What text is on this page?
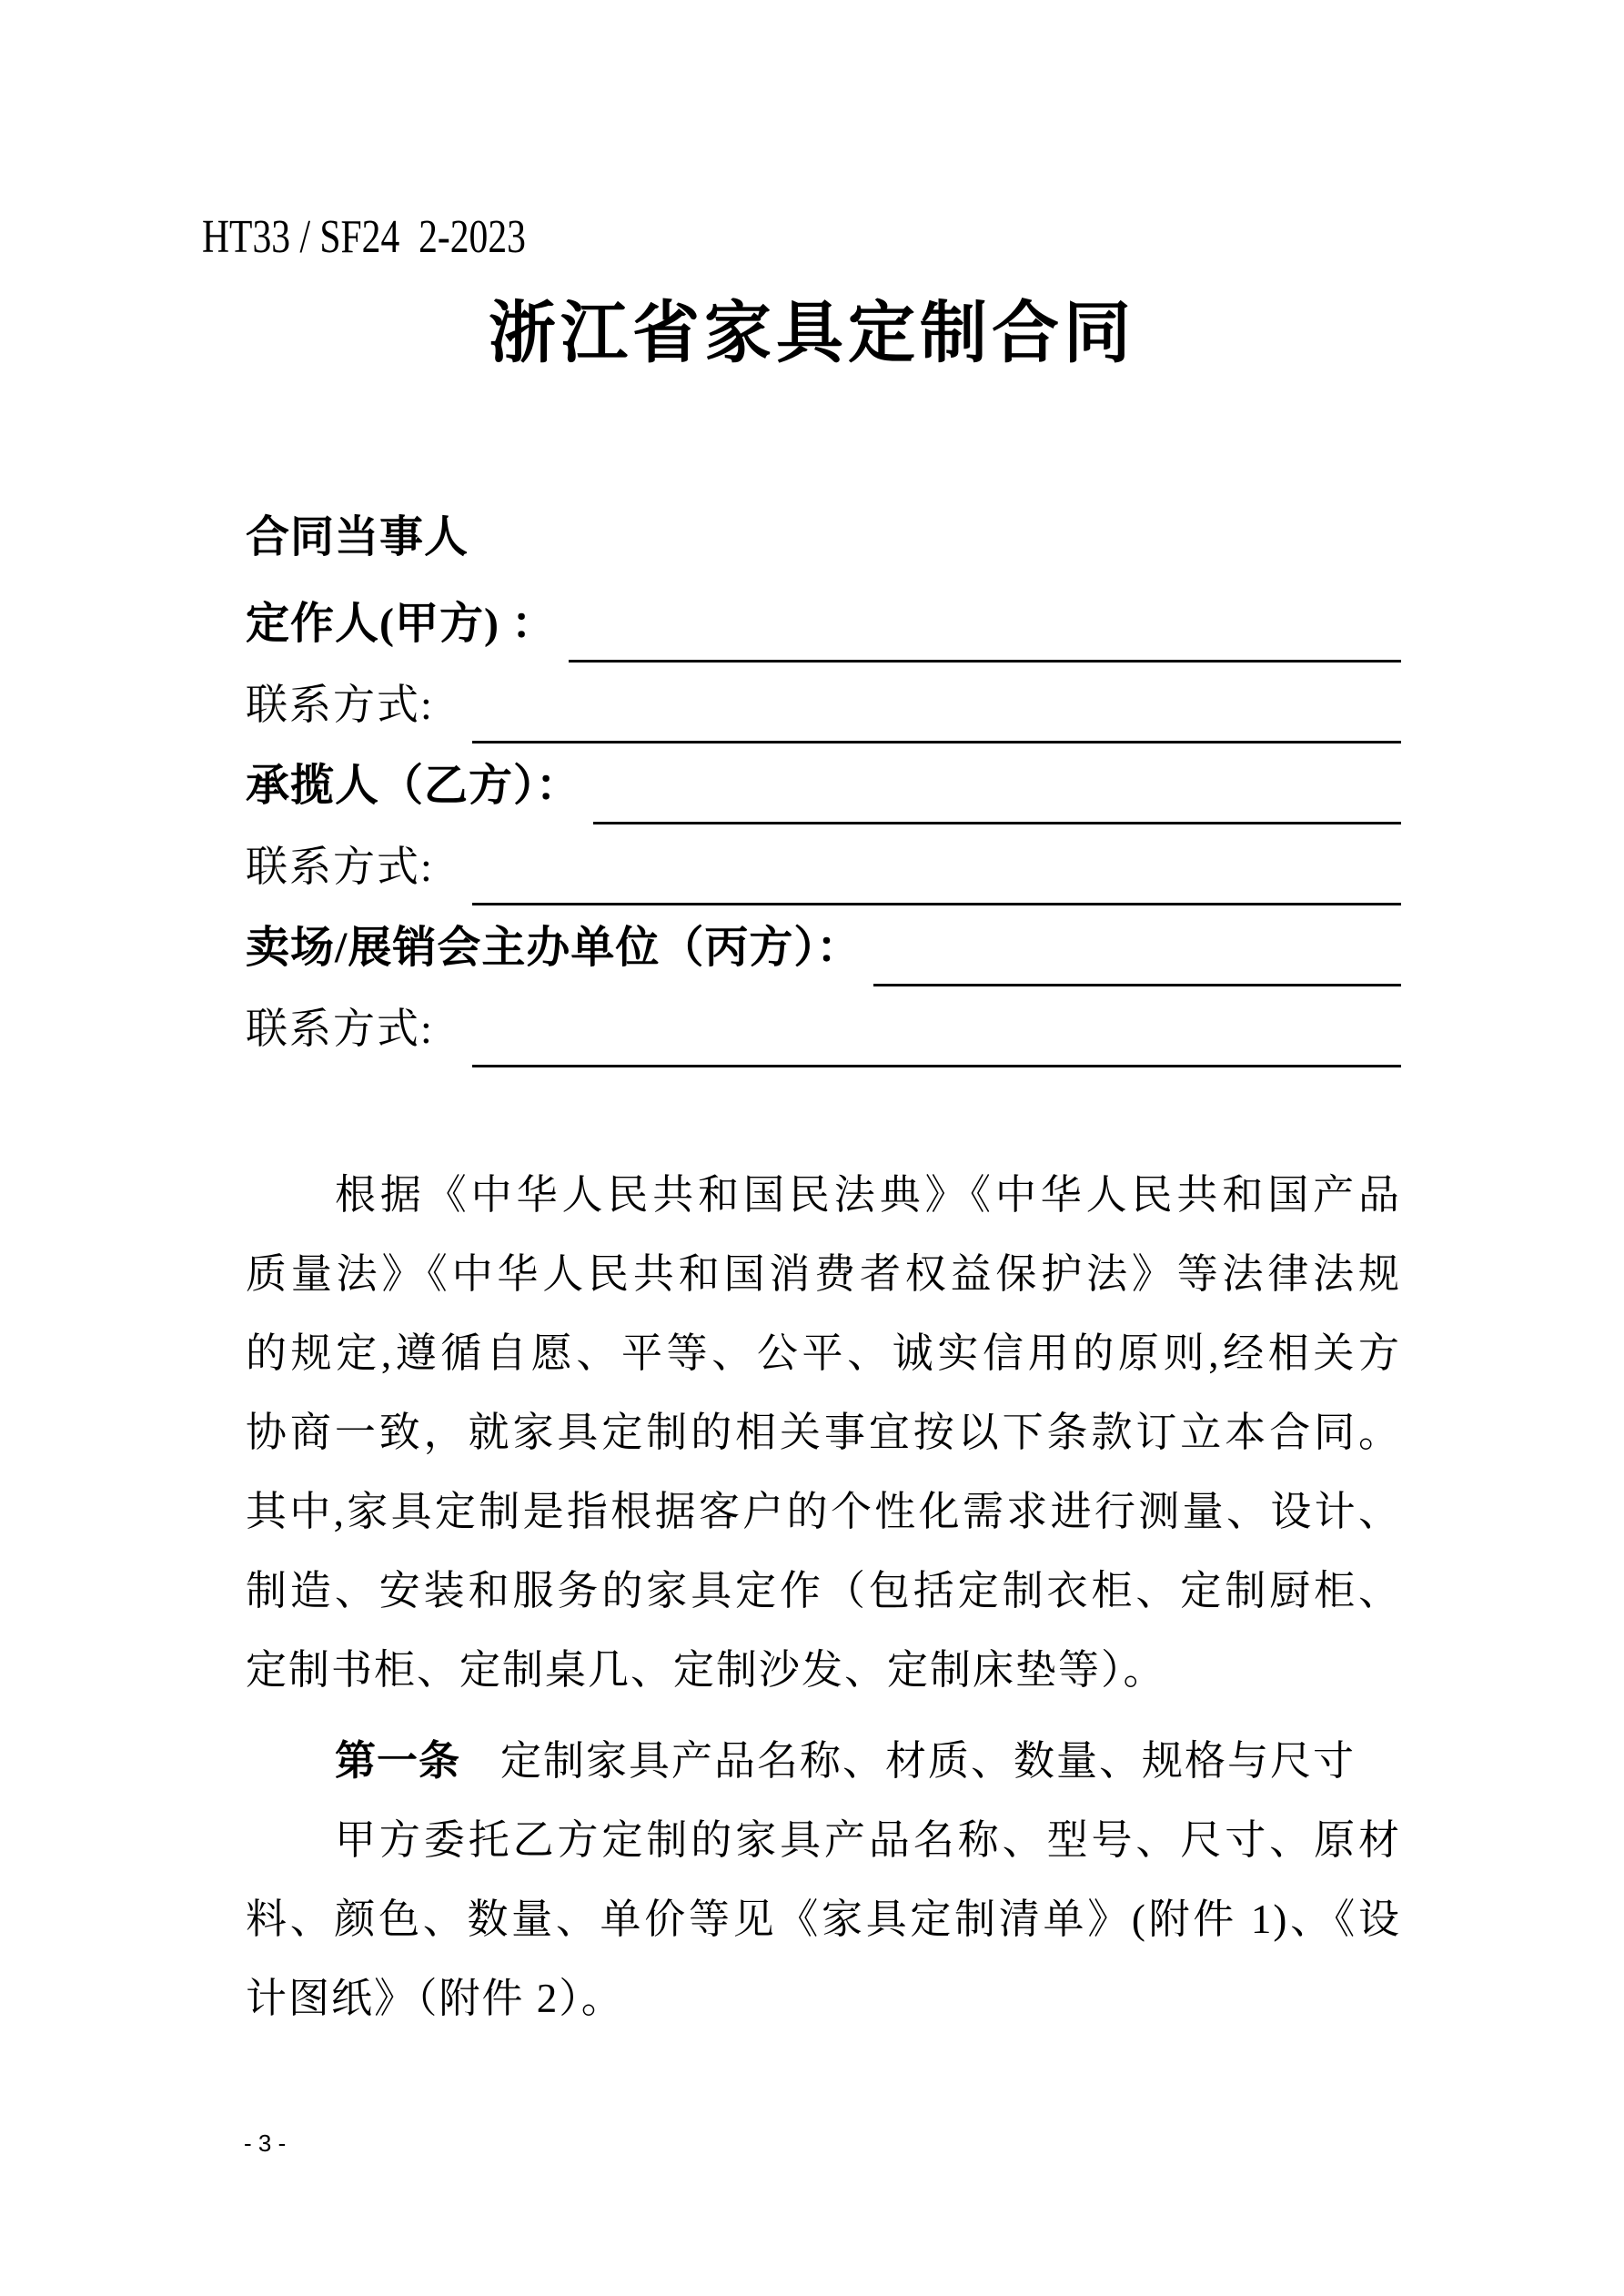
HT33 / SF24  2-2023
浙江省家具定制合同
合同当事人
定作人(甲方) ：
联系方式:
承揽人（乙方）：
联系方式:
卖场/展销会主办单位（丙方）：
联系方式:
根据《中华人民共和国民法典》《中华人民共和国产品
质量法》《中华人民共和国消费者权益保护法》等法律法规
的规定,遵循自愿、平等、公平、诚实信用的原则,经相关方
协商一致，就家具定制的相关事宜按以下条款订立本合同。
其中,家具定制是指根据客户的个性化需求进行测量、设计、
制造、安装和服务的家具定作（包括定制衣柜、定制厨柜、
定制书柜、定制桌几、定制沙发、定制床垫等）。
第一条 定制家具产品名称、材质、数量、规格与尺寸
甲方委托乙方定制的家具产品名称、型号、尺寸、原材
料、颜色、数量、单价等见《家具定制清单》(附件 1)、《设
计图纸》（附件 2）。
- 3 -
